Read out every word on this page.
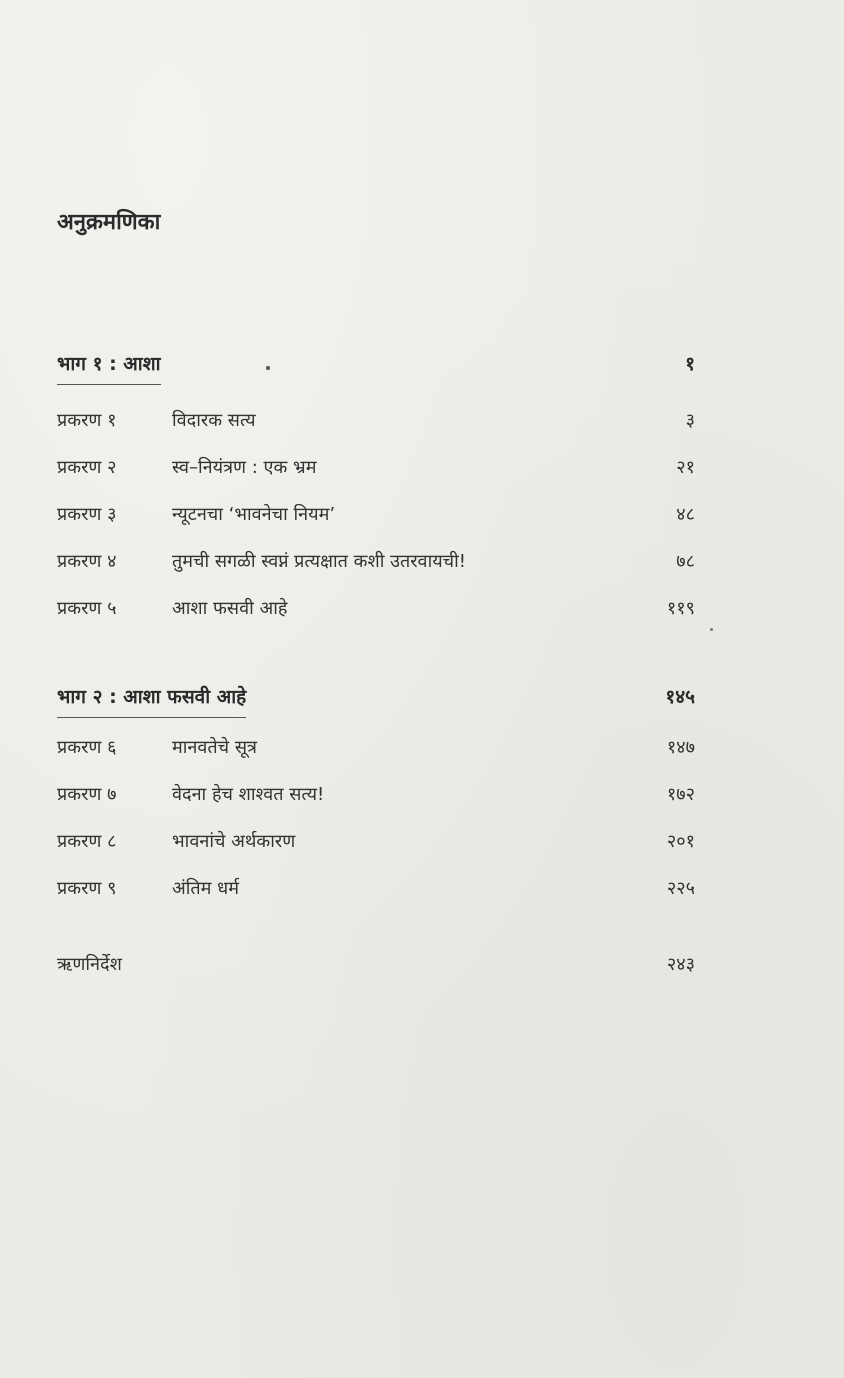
अनुक्रमणिका
भाग १ : आशा	१
प्रकरण १	विदारक सत्य	३
प्रकरण २	स्व–नियंत्रण : एक भ्रम	२१
प्रकरण ३	न्यूटनचा ‘भावनेचा नियम’	४८
प्रकरण ४	तुमची सगळी स्वप्नं प्रत्यक्षात कशी उतरवायची!	७८
प्रकरण ५	आशा फसवी आहे	११९
भाग २ : आशा फसवी आहे	१४५
प्रकरण ६	मानवतेचे सूत्र	१४७
प्रकरण ७	वेदना हेच शाश्वत सत्य!	१७२
प्रकरण ८	भावनांचे अर्थकारण	२०१
प्रकरण ९	अंतिम धर्म	२२५
ऋणनिर्देश	२४३
